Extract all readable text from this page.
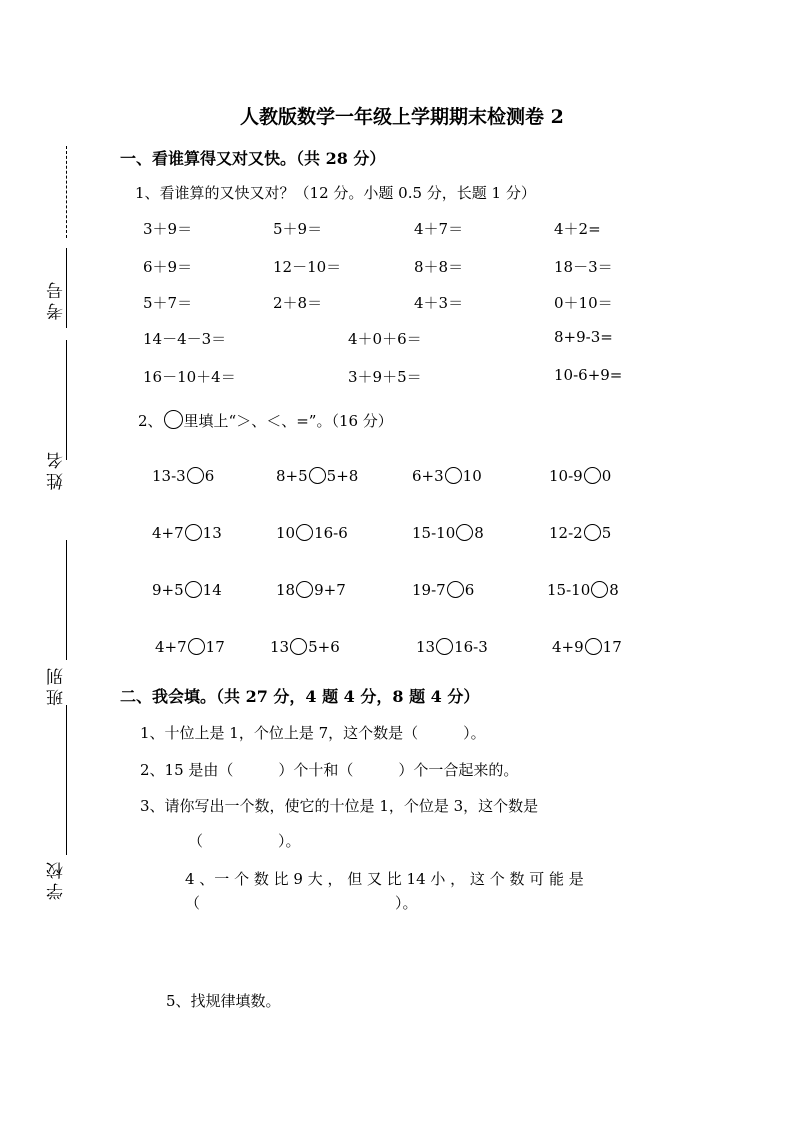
考号
姓名
班别
学校
人教版数学一年级上学期期末检测卷 2
一、看谁算得又对又快。（共 28 分）
1、看谁算的又快又对？（12 分。小题 0.5 分，长题 1 分）
3＋9＝	5＋9＝	4＋7＝	4＋2=
6＋9＝	12－10＝	8＋8＝	18－3＝
5＋7＝	2＋8＝	4＋3＝	0＋10＝
14－4－3＝	4＋0＋6＝	8+9-3=
16－10＋4＝	3＋9＋5＝	10-6+9=
2、 里填上“＞、＜、=”。（16 分）
13-3 6	8+5 5+8	6+3 10	10-9 0
4+7 13	10 16-6	15-10 8	12-2 5
9+5 14	18 9+7	19-7 6	15-10 8
4+7 17	13 5+6	13 16-3	4+9 17
二、我会填。（共 27 分，4 题 4 分，8 题 4 分）
1、十位上是 1，个位上是 7，这个数是（　　　）。
2、15 是由（　　　）个十和（　　　）个一合起来的。
3、请你写出一个数，使它的十位是 1，个位是 3，这个数是
（　　　　　）。
4 、一 个 数 比 9 大 ， 但 又 比 14 小 ， 这 个 数 可 能 是
（　　　　　　　　　　　　　）。
5、找规律填数。
